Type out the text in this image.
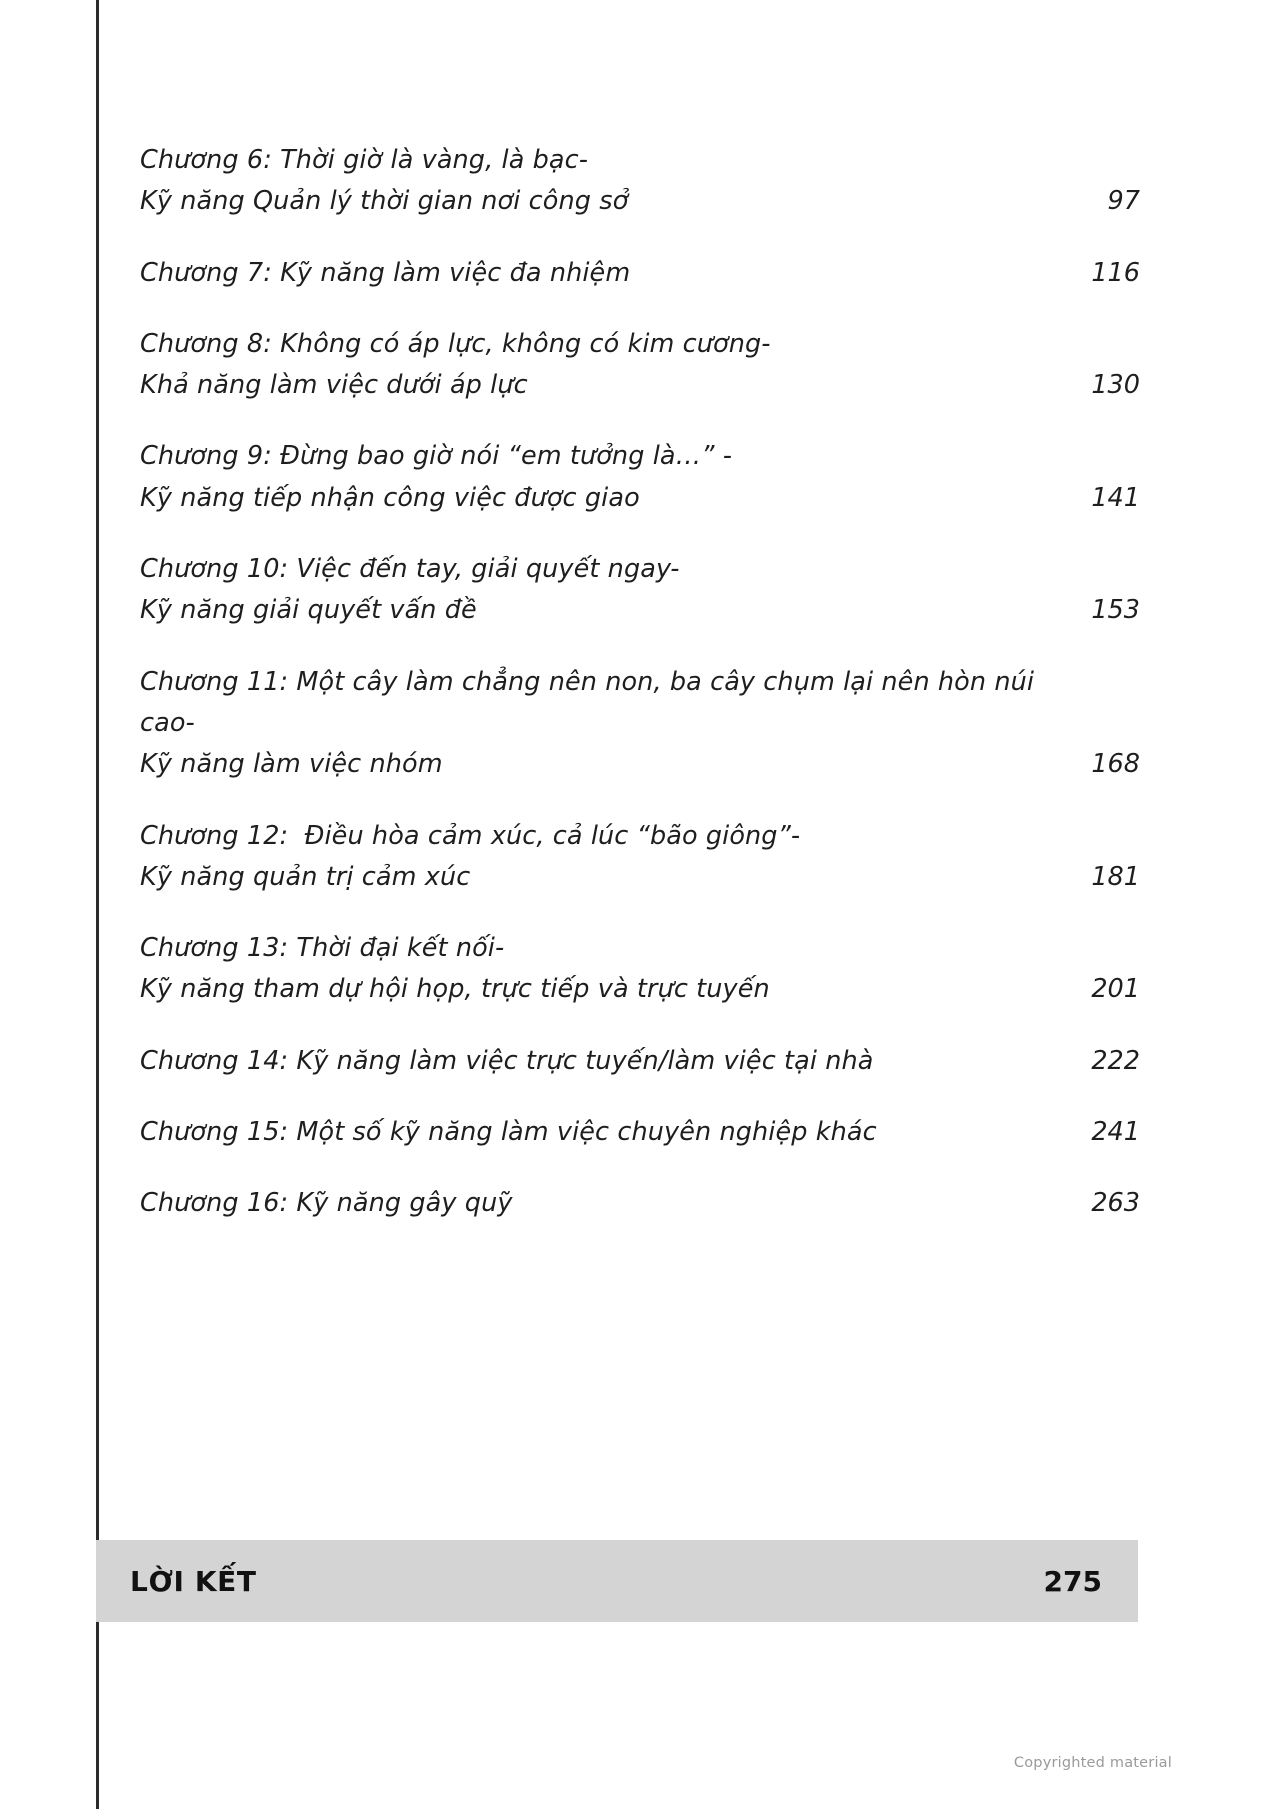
Chương 6: Thời giờ là vàng, là bạc-
Kỹ năng Quản lý thời gian nơi công sở	97
Chương 7: Kỹ năng làm việc đa nhiệm	116
Chương 8: Không có áp lực, không có kim cương-
Khả năng làm việc dưới áp lực	130
Chương 9: Đừng bao giờ nói “em tưởng là…” -
Kỹ năng tiếp nhận công việc được giao	141
Chương 10: Việc đến tay, giải quyết ngay-
Kỹ năng giải quyết vấn đề	153
Chương 11: Một cây làm chẳng nên non, ba cây chụm lại nên hòn núi cao-
Kỹ năng làm việc nhóm	168
Chương 12:  Điều hòa cảm xúc, cả lúc “bão giông”-
Kỹ năng quản trị cảm xúc	181
Chương 13: Thời đại kết nối-
Kỹ năng tham dự hội họp, trực tiếp và trực tuyến	201
Chương 14: Kỹ năng làm việc trực tuyến/làm việc tại nhà	222
Chương 15: Một số kỹ năng làm việc chuyên nghiệp khác	241
Chương 16: Kỹ năng gây quỹ	263
LỜI KẾT	275
Copyrighted material
